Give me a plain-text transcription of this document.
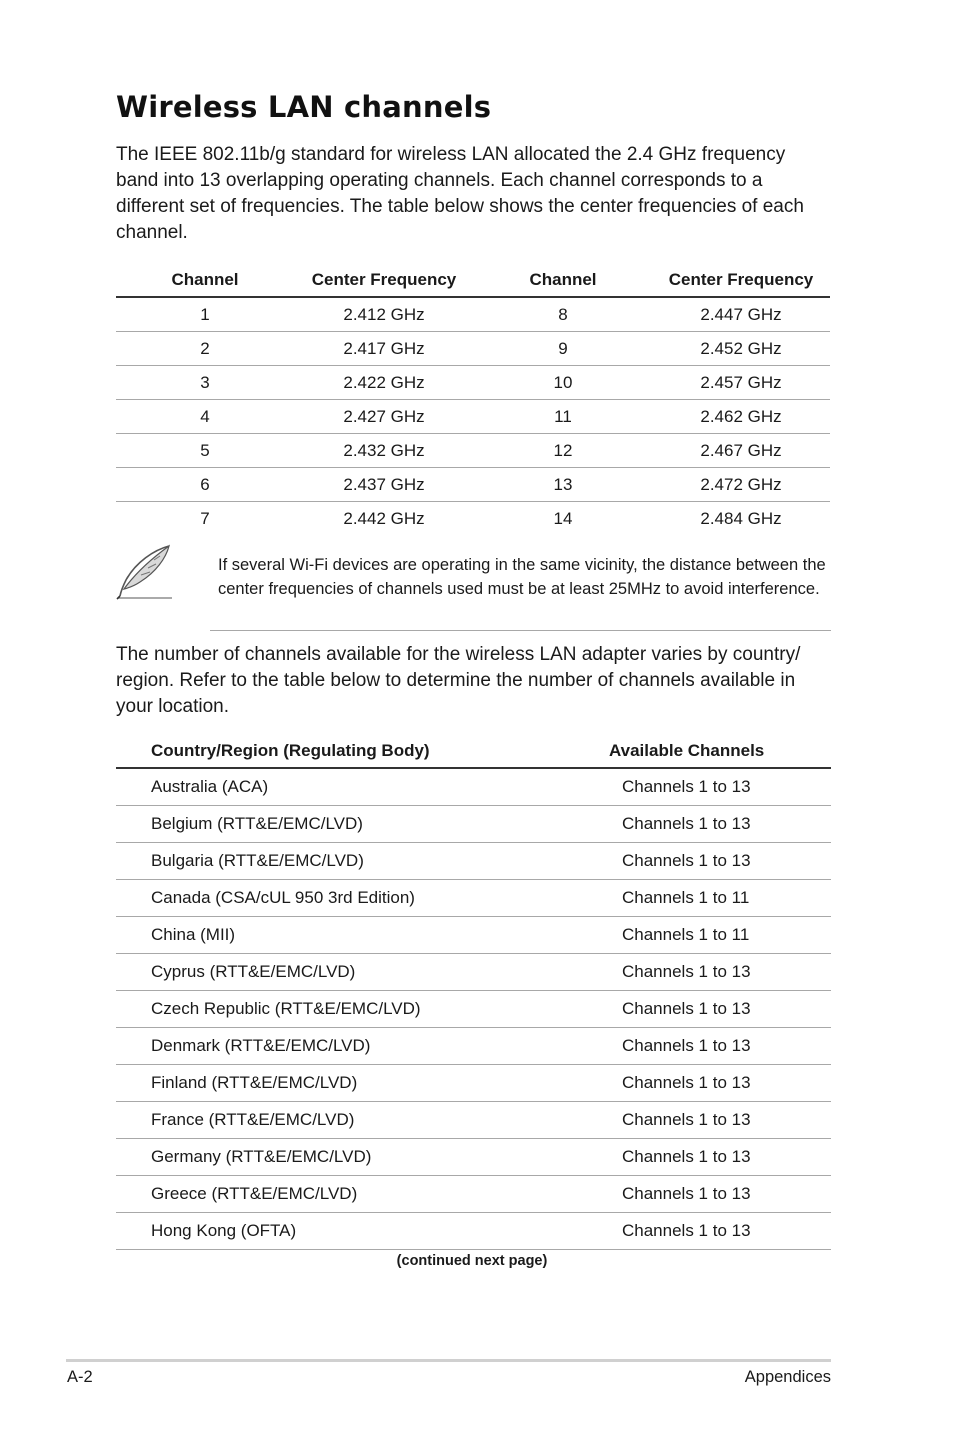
Wireless LAN channels

The IEEE 802.11b/g standard for wireless LAN allocated the 2.4 GHz frequency band into 13 overlapping operating channels. Each channel corresponds to a different set of frequencies. The table below shows the center frequencies of each channel.

Channel	Center Frequency	Channel	Center Frequency
1	2.412 GHz	8	2.447 GHz
2	2.417 GHz	9	2.452 GHz
3	2.422 GHz	10	2.457 GHz
4	2.427 GHz	11	2.462 GHz
5	2.432 GHz	12	2.467 GHz
6	2.437 GHz	13	2.472 GHz
7	2.442 GHz	14	2.484 GHz

If several Wi-Fi devices are operating in the same vicinity, the distance between the center frequencies of channels used must be at least 25MHz to avoid interference.

The number of channels available for the wireless LAN adapter varies by country/ region. Refer to the table below to determine the number of channels available in your location.

Country/Region (Regulating Body)	Available Channels
Australia (ACA)	Channels 1 to 13
Belgium (RTT&E/EMC/LVD)	Channels 1 to 13
Bulgaria (RTT&E/EMC/LVD)	Channels 1 to 13
Canada (CSA/cUL 950 3rd Edition)	Channels 1 to 11
China (MII)	Channels 1 to 11
Cyprus (RTT&E/EMC/LVD)	Channels 1 to 13
Czech Republic (RTT&E/EMC/LVD)	Channels 1 to 13
Denmark (RTT&E/EMC/LVD)	Channels 1 to 13
Finland (RTT&E/EMC/LVD)	Channels 1 to 13
France (RTT&E/EMC/LVD)	Channels 1 to 13
Germany (RTT&E/EMC/LVD)	Channels 1 to 13
Greece (RTT&E/EMC/LVD)	Channels 1 to 13
Hong Kong (OFTA)	Channels 1 to 13
(continued next page)
A-2	Appendices
